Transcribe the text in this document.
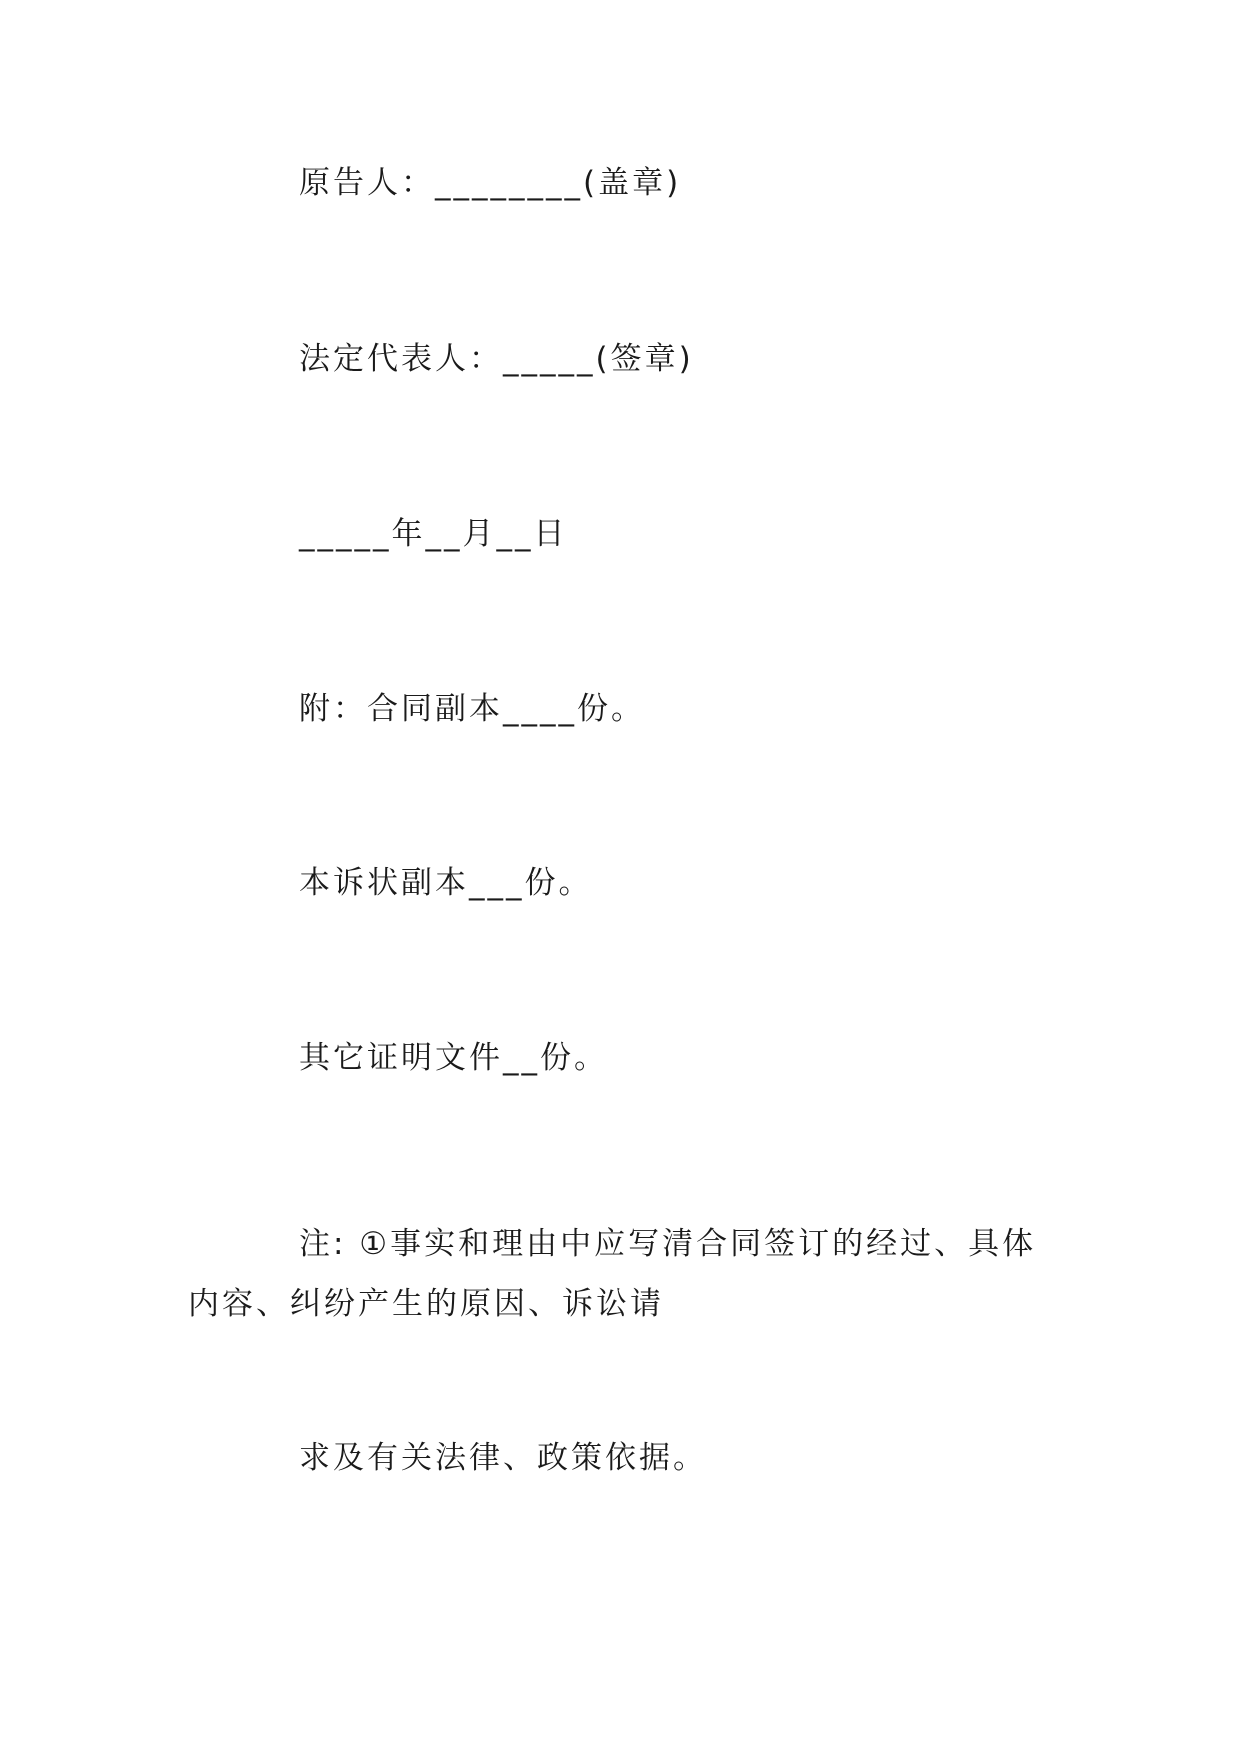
原告人：________(盖章)

法定代表人：_____(签章)

_____年__月__日

附：合同副本____份。

本诉状副本___份。

其它证明文件__份。

注: ①事实和理由中应写清合同签订的经过、具体内容、纠纷产生的原因、诉讼请

求及有关法律、政策依据。
